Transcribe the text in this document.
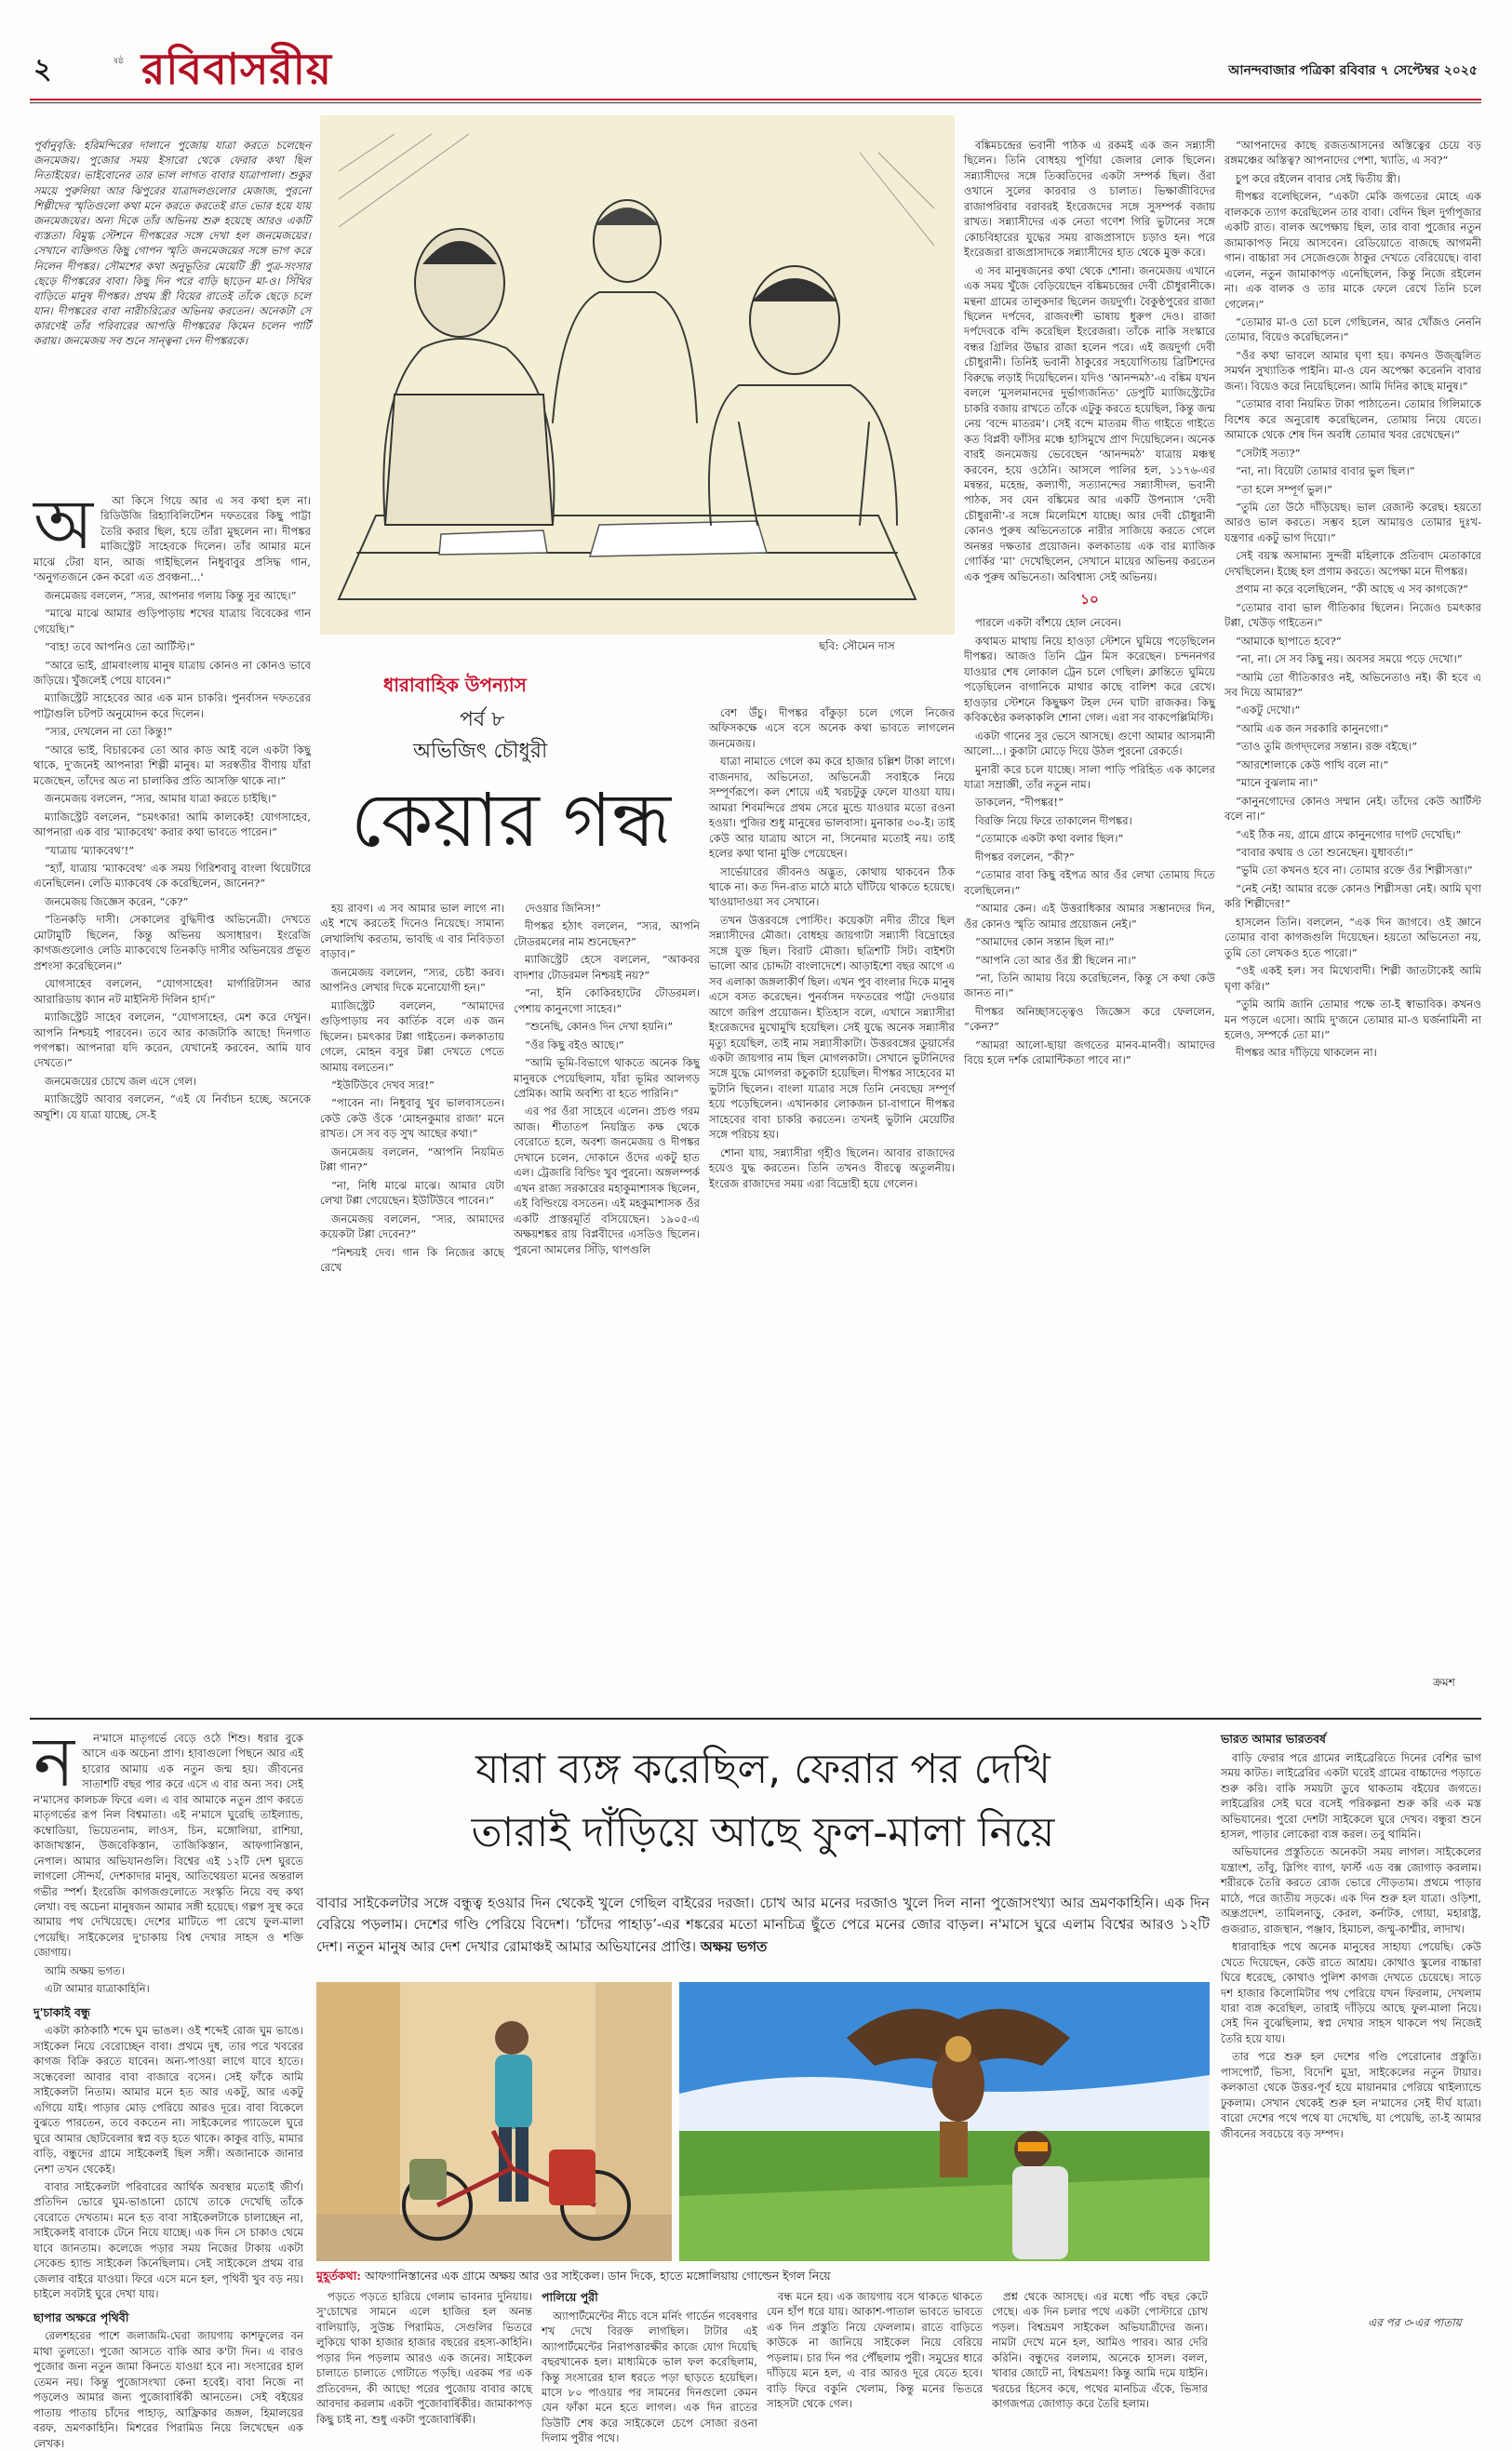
২	ষষ্ঠ রবিবাসরীয়	আনন্দবাজার পত্রিকা রবিবার ৭ সেপ্টেম্বর ২০২৫
পূর্বানুবৃত্তি: হরিমন্দিরের দালানে পুজোয় যাত্রা করতে চলেছেন জনমেজয়। পুজোর সময় ইসারো থেকে ফেরার কথা ছিল নিতাইয়ের। ভাইবোনের তার ভাল লাগত বাবার যাত্রাপালা। শুকুর সময়ে পুরুলিয়া আর ঝিপুরের যাত্রাদলগুলোর মেজাজ, পুরনো শিল্পীদের স্মৃতিগুলো কথা মনে করতে করতেই রাত ভোর হয়ে যায় জনমেজয়ের। অন্য দিকে তাঁর অভিনয় শুরু হয়েছে আরও একটি ব্যস্ততা। বিমুগ্ধ স্টেশনে দীপঙ্করের সঙ্গে দেখা হল জনমেজয়ের। সেখানে ব্যক্তিগত কিছু গোপন স্মৃতি জনমেজয়ের সঙ্গে ভাগ করে নিলেন দীপঙ্কর। সৌমশের কথা অনুভূতির মেয়েটি স্ত্রী পুত্র-সংসার ছেড়ে দীপঙ্করের বাবা। কিছু দিন পরে বাড়ি ছাড়েন মা-ও। সিঁথির বাড়িতে মানুষ দীপঙ্কর। প্রথম স্ত্রী বিয়ের রাতেই তাঁকে ছেড়ে চলে যান। দীপঙ্করের বাবা নারীচরিত্রের অভিনয় করতেন। অনেকটা সে কারণেই তাঁর পরিবারের আপত্তি দীপঙ্করের কিমেন চলেন পার্টি করায়। জনমেজয় সব শুনে সান্ত্বনা দেন দীপঙ্করকে।
অ	আ কিসে গিয়ে আর এ সব কথা হল না। রিডিউজি রিহ্যাবিলিটেশন দফতরের কিছু পাট্টা তৈরি করার ছিল, হয়ে তাঁরা মুছলেন না। দীপঙ্কর মাজিস্ট্রেট সাহেবকে দিলেন। তাঁর আমার মনে মাঝে টেরা যান, আজ গাইছিলেন নিধুবাবুর প্রসিদ্ধ গান, 'অনুগতজনে কেন করো এত প্রবঞ্চনা...'

জনমেজয় বললেন, “স্যর, আপনার গলায় কিন্তু সুর আছে।”

“মাঝে মাঝে আমার গুড়িপাড়ায় শখের যাত্রায় বিবেকের গান গেয়েছি।”

“বাহ! তবে আপনিও তো আর্টিস্ট।”

“আরে ভাই, গ্রামবাংলায় মানুষ যাত্রায় কোনও না কোনও ভাবে জড়িয়ে। খুঁজলেই পেয়ে যাবেন।”

ম্যাজিস্ট্রেট সাহেবের আর এক মান চাকরি। পুনর্বাসন দফতরের পাট্টাগুলি চটপট অনুমোদন করে দিলেন।

“স্যর, দেখলেন না তো কিন্তু!”

“আরে ভাই, বিচারকের তো আর কাড আই বলে একটা কিছু থাকে, দু'জনেই আপনারা শিল্পী মানুষ। মা সরস্বতীর বীণায় যাঁরা মজেছেন, তাঁদের অত না চালাকির প্রতি আসক্তি থাকে না।”

জনমেজয় বললেন, “স্যর, আমার যাত্রা করতে চাইছি।”

ম্যাজিস্ট্রেট বললেন, “চমৎকার! আমি কালকেই! যোগসাহেব, আপনারা এক বার ‘ম্যাকবেথ’ করার কথা ভাবতে পারেন।”

“যাত্রায় ‘ম্যাকবেথ’!”

“হ্যাঁ, যাত্রায় ‘ম্যাকবেথ’ এক সময় গিরিশবাবু বাংলা থিয়েটারে এনেছিলেন। লেডি ম্যাকবেথ কে করেছিলেন, জানেন?”

জনমেজয় জিজ্ঞেস করেন, “কে?”

“তিনকড়ি দাসী। সেকালের বুদ্ধিদীপ্ত অভিনেত্রী। দেখতে মোটামুটি ছিলেন, কিন্তু অভিনয় অসাধারণ। ইংরেজি কাগজগুলোও লেডি ম্যাকবেথে তিনকড়ি দাসীর অভিনয়ের প্রভূত প্রশংসা করেছিলেন।”

যোগসাহেব বললেন, “যোগসাহেব! মার্গারিটাসন আর আরারিডায় ক্যান নট মাইনিস্ট দিলিন হার্দ।”

ম্যাজিস্ট্রেট সাহেব বললেন, “যোগসাহেব, মেশ করে দেখুন। আপনি নিশ্চয়ই পারবেন। তবে আর কাজটাকি আছে! দিনগাত পগপঙ্কা। আপনারা যদি করেন, যেখানেই করবেন, আমি যাব দেখতে।”

জনমেজয়ের চোখে জল এসে গেল।

ম্যাজিস্ট্রেট আবার বললেন, “এই যে নির্বাচন হচ্ছে, অনেকে অখুশি। যে যাত্রা যাচ্ছে, সে-ই

ছবি: সৌমেন দাস
ধারাবাহিক উপন্যাস
পর্ব ৮
অভিজিৎ চৌধুরী
কেয়ার গন্ধ

হয় রাবণ। এ সব আমার ভাল লাগে না। এই শখে করতেই দিনেও নিয়েছে। সামান্য লেখালিখি করতাম, ভাবছি এ বার নিবিড়তা বাড়াব।”

জনমেজয় বললেন, “স্যর, চেষ্টা করব। আপনিও লেখার দিকে মনোযোগী হন।”

ম্যাজিস্ট্রেট বললেন, “আমাদের গুড়িপাড়ায় নব কার্তিক বলে এক জন ছিলেন। চমৎকার টপ্পা গাইতেন। কলকাতায় গেলে, মোহন বসুর টপ্পা দেখতে পেতে আমায় বলতেন।”

“ইউটিউবে দেখব স্যর!”

“পাবেন না। নিধুবাবু খুব ভালবাসতেন। কেউ কেউ ওঁকে ‘মোহনকুমার রাজা’ মনে রাখত। সে সব বড় সুখ আছের কথা।”

জনমেজয় বললেন, “আপনি নিয়মিত টপ্পা গান?”

“না, নিধি মাঝে মাঝে। আমার যেটা লেখা টপ্পা গেয়েছেন। ইউটিউবে পাবেন।”

জনমেজয় বললেন, “স্যর, আমাদের কয়েকটা টপ্পা দেবেন?”

“নিশ্চয়ই দেব। গান কি নিজের কাছে রেখে

দেওয়ার জিনিস!”

দীপঙ্কর হঠাৎ বললেন, “স্যর, আপনি টোডরমলের নাম শুনেছেন?”

ম্যাজিস্ট্রেট হেসে বললেন, “আকবর বাদশার টোডরমল নিশ্চয়ই নয়?”

“না, ইনি কোকিরহাটের টোডরমল। পেশায় কানুনগো সাহেব।”

“শুনেছি, কোনও দিন দেখা হয়নি।”

“ওঁর কিছু বইও আছে।”

“আমি ভূমি-বিভাগে থাকতে অনেক কিছু মানুষকে পেয়েছিলাম, যাঁরা ভূমির আলগড় প্রেমিক। আমি অবশ্যি বা হতে পারিনি।”

এর পর ওঁরা সাহেবে এলেন। প্রচণ্ড গরম আজ। শীতাতপ নিয়ন্ত্রিত কক্ষ থেকে বেরোতে হলে, অবশ্য জনমেজয় ও দীপঙ্কর দেখানে চলেন, দোকানে ওঁদের একটু হাত এল। ট্রেজারি বিল্ডিং খুব পুরনো। অঙ্গলম্পর্ক এখন রাজ্য সরকারের মহাকুমাশাসক ছিলেন, এই বিল্ডিংয়ে বসতেন। এই মহকুমাশাসক ওঁর একটি প্রাস্তরমূর্তি বসিয়েছেন। ১৯০৫-এ অক্ষয়শঙ্কর রায় বিপ্লবীদের এসডিও ছিলেন। পুরনো আমলের সিঁড়ি, থাপগুলি

বেশ উঁচু। দীপঙ্কর বাঁকুড়া চলে গেলে নিজের অফিসকক্ষে এসে বসে অনেক কথা ভাবতে লাগলেন জনমেজয়।

যাত্রা নামাতে গেলে কম করে হাজার চল্লিশ টাকা লাগে। বাজনদার, অভিনেতা, অভিনেত্রী সবাইকে নিয়ে সম্পূর্ণরূপে। কল শোয়ে এই খরচটুকু ফেলে যাওয়া যায়। আমরা শিবমন্দিরে প্রথম সেরে মুন্ডে যাওয়ার মতো রওনা হওয়া। পুজির শুধু মানুষের ভালবাসা। মুনাকার ৩০-ই। তাই কেউ আর যাত্রায় আসে না, সিনেমার মতোই নয়। তাই হলের কথা থানা মুক্তি পেয়েছেন।

সার্ভেয়ারের জীবনও অদ্ভুত, কোথায় থাকবেন ঠিক থাকে না। কত দিন-রাত মাঠে মাঠে ঘাঁটিয়ে থাকতে হয়েছে। খাওয়াদাওয়া সব সেখানে।

তখন উত্তরবঙ্গে পোস্টিং। কয়েকটা নদীর তীরে ছিল সন্ন্যাসীদের মৌজা। বোধহয় জায়গাটা সন্ন্যাসী বিদ্রোহের সঙ্গে যুক্ত ছিল। বিরাট মৌজা। ছত্রিশটি সিট। বাইশটা ভালো আর চোদ্দটা বাংলাদেশে। আড়াইশো বছর আগে এ সব এলাকা জঙ্গলাকীর্ণ ছিল। এখন পুব বাংলার দিকে মানুষ এসে বসত করেছেন। পুনর্বাসন দফতরের পাট্টা দেওয়ার আগে জরিপ প্রয়োজন। ইতিহাস বলে, এখানে সন্ন্যাসীরা ইংরেজদের মুখোমুখি হয়েছিল। সেই যুদ্ধে অনেক সন্ন্যাসীর মৃত্যু হয়েছিল, তাই নাম সন্ন্যাসীকাটা। উত্তরবঙ্গের ডুয়ার্সের একটা জায়গার নাম ছিল মোগলকাটা। সেখানে ভুটানিদের সঙ্গে যুদ্ধে মোগলরা কচুকাটা হয়েছিল। দীপঙ্কর সাহেবের মা ভুটানি ছিলেন। বাংলা যাত্রার সঙ্গে তিনি নেবছেয় সম্পূর্ণ হয়ে পড়েছিলেন। এখানকার লোকজন চা-বাগানে দীপঙ্কর সাহেবের বাবা চাকরি করতেন। তখনই ভুটানি মেয়েটির সঙ্গে পরিচয় হয়।

শোনা যায়, সন্ন্যাসীরা গৃহীও ছিলেন। আবার রাজাদের হয়েও যুদ্ধ করতেন। তিনি তখনও বীরত্বে অতুলনীয়। ইংরেজ রাজাদের সময় এরা বিদ্রোহী হয়ে গেলেন।

বঙ্কিমচন্দ্রের ভবানী পাঠক এ রকমই এক জন সন্ন্যাসী ছিলেন। তিনি বোধহয় পূর্ণিয়া জেলার লোক ছিলেন। সন্ন্যাসীদের সঙ্গে তিব্বতিদের একটা সম্পর্ক ছিল। ওঁরা ওখানে সুলের কারবার ও চালাত। ভিক্ষাজীবিদের রাজাপরিবার বরাবরই ইংরেজদের সঙ্গে সুসম্পর্ক বজায় রাখত। সন্ন্যাসীদের এক নেতা গণেশ গিরি ভুটানের সঙ্গে কোচবিহারের যুদ্ধের সময় রাজপ্রাসাদে চড়াও হন। পরে ইংরেজরা রাজপ্রাসাদকে সন্ন্যাসীদের হাত থেকে মুক্ত করে।

এ সব মানুষজনের কথা থেকে শোনা। জনমেজয় এখানে এক সময় খুঁজে বেড়িয়েছেন বঙ্কিমচন্দ্রের দেবী চৌধুরানীকে। মন্থনা গ্রামের তালুকদার ছিলেন জয়দুর্গা। বৈকুণ্ঠপুরের রাজা ছিলেন দর্পদেব, রাজবংশী ভাষায় ধুরুপ দেও। রাজা দর্পদেবকে বন্দি করেছিল ইংরেজরা। তাঁকে নাকি সংস্কারে বন্ধর গ্রিলির উদ্ধার রাজা হলেন পরে। এই জয়দুর্গা দেবী চৌধুরানী। তিনিই ভবানী ঠাকুরের সহযোগিতায় ব্রিটিশদের বিরুদ্ধে লড়াই দিয়েছিলেন। যদিও ‘আনন্দমঠ’-এ বঙ্কিম যখন বললে ‘মুসলমানদের দুর্ভাগ্যজনিত’ ডেপুটি ম্যাজিস্ট্রেটের চাকরি বজায় রাখতে তাঁকে এটুকু করতে হয়েছিল, কিন্তু জন্ম নেয় ‘বন্দে মাতরম’। সেই বন্দে মাতরম গীত গাইতে গাইতে কত বিপ্লবী ফাঁসির মঞ্চে হাসিমুখে প্রাণ দিয়েছিলেন। অনেক বারই জনমেজয় ভেবেছেন ‘আনন্দমঠ’ যাত্রায় মঞ্চস্থ করবেন, হয়ে ওঠেনি। আসলে পালির হল, ১১৭৬-এর মন্বন্তর, মহেন্দ্র, কল্যাণী, সত্যানন্দের সন্ন্যাসীদল, ভবানী পাঠক, সব যেন বঙ্কিমের আর একটি উপন্যাস ‘দেবী চৌধুরানী’-র সঙ্গে মিলেমিশে যাচ্ছে। আর দেবী চৌধুরানী কোনও পুরুষ অভিনেতাকে নারীর সাজিয়ে করতে গেলে অনন্তর দক্ষতার প্রয়োজন। কলকাতায় এক বার ম্যাজিক গোর্কির ‘মা’ দেখেছিলেন, সেখানে মায়ের অভিনয় করতেন এক পুরুষ অভিনেতা। অবিশ্বাস্য সেই অভিনয়।

১০

পারলে একটা বাঁশয়ে হোল নেবেন।

কথামত মাথায় নিয়ে হাওড়া স্টেশনে ঘুমিয়ে পড়েছিলেন দীপঙ্কর। আজও তিনি ট্রেন মিস করেছেন। চন্দননগর যাওয়ার শেষ লোকাল ট্রেন চলে গেছিল। ক্লান্তিতে ঘুমিয়ে পড়েছিলেন বাগানিকে মাথার কাছে বালিশ করে রেখে। হাওড়ার স্টেশনে কিছুক্ষণ টহল দেন ঘাটা রাজকর। কিছু কবিকণ্ঠের কলকাকলি শোনা গেল। এরা সব বাকপেল্লিমিস্টি।

একটা গানের সুর ভেসে আসছে। গুণো আমার আসমানী আলো...। কুকাটা মোড়ে দিয়ে উঠল পুরনো রেকর্ডে।

মুনারী করে চলে যাচ্ছে। সালা পাড়ি পরিহিত এক কালের যাত্রা সম্রাজ্ঞী, তাঁর নতুন নাম।

ডাকলেন, “দীপঙ্কর!”

বিরক্তি নিয়ে ফিরে তাকালেন দীপঙ্কর।

“তোমাকে একটা কথা বলার ছিল।”

দীপঙ্কর বললেন, “কী?”

“তোমার বাবা কিছু বইপত্র আর ওঁর লেখা তোমায় দিতে বলেছিলেন।”

“আমার কেন। এই উত্তরাধিকার আমার সম্ভানদের দিন, ওঁর কোনও স্মৃতি আমার প্রয়োজন নেই।”

“আমাদের কোন সন্তান ছিল না।”

“আপনি তো আর ওঁর স্ত্রী ছিলেন না।”

“না, তিনি আমায় বিয়ে করেছিলেন, কিন্তু সে কথা কেউ জানত না।”

দীপঙ্কর অনিচ্ছাসত্ত্বেও জিজ্ঞেস করে ফেললেন, “কেন?”

“আমরা আলো-ছায়া জগতের মানব-মানবী। আমাদের বিয়ে হলে দর্শক রোমান্টিকতা পাবে না।”

“আপনাদের কাছে রজতআসনের অস্তিত্বের চেয়ে বড় রঙ্গমঞ্চের অস্তিত্ব? আপনাদের পেশা, খ্যাতি, এ সব?”

চুপ করে রইলেন বাবার সেই দ্বিতীয় স্ত্রী।

দীপঙ্কর বলেছিলেন, “একটা মেকি জগতের মোহে এক বালককে ত্যাগ করেছিলেন তার বাবা। বেদিন ছিল দুর্গাপূজার একটি রাত। বালক অপেক্ষায় ছিল, তার বাবা পুজোর নতুন জামাকাপড় নিয়ে আসবেন। রেডিয়োতে বাজছে আগমনী গান। বাচ্চারা সব সেজেগুজে ঠাকুর দেখতে বেরিয়েছে। বাবা এলেন, নতুন জামাকাপড় এনেছিলেন, কিন্তু নিজে রইলেন না। এক বালক ও তার মাকে ফেলে রেখে তিনি চলে গেলেন।”

“তোমার মা-ও তো চলে গেছিলেন, আর খোঁজও নেননি তোমার, বিয়েও করেছিলেন।”

“ওঁর কথা ভাবলে আমার ঘৃণা হয়। কখনও উজ্জ্বলিত সমর্থন সুখ্যাতিক পাইনি। মা-ও যেন অপেক্ষা করেননি বাবার জন্য। বিয়েও করে নিয়েছিলেন। আমি দিনির কাছে মানুষ।”

“তোমার বাবা নিয়মিত টাকা পাঠাতেন। তোমার গিলিমাকে বিশেষ করে অনুরোধ করেছিলেন, তোমায় নিয়ে যেতে। আমাকে থেকে শেষ দিন অবধি তোমার খবর রেখেছেন।”

“সেটাই সত্য?”

“না, না। বিয়েটা তোমার বাবার ভুল ছিল।”

“তা হলে সম্পূর্ণ ভুল।”

“তুমি তো উঠে দাঁড়িয়েছ। ভাল রেজাল্ট করেছ। হয়তো আরও ভাল করতে। সম্ভব হলে আমায়ও তোমার দুঃখ-যন্ত্রণার একটু ভাগ দিয়ো।”

সেই বয়স্ক অসামান্য সুন্দরী মহিলাকে প্রতিবাদ মেতাকারে দেখছিলেন। ইচ্ছে হল প্রণাম করতে। অপেক্ষা মনে দীপঙ্কর।

প্রণাম না করে বলেছিলেন, “কী আছে এ সব কাগজে?”

“তোমার বাবা ভাল গীতিকার ছিলেন। নিজেও চমৎকার টপ্পা, খেউড় গাইতেন।”

“আমাকে ছাপাতে হবে?”

“না, না। সে সব কিছু নয়। অবসর সময়ে পড়ে দেখো।”

“আমি তো গীতিকারও নই, অভিনেতাও নই। কী হবে এ সব দিয়ে আমার?”

“একটু দেখো।”

“আমি এক জন সরকারি কানুনগো।”

“তাও তুমি জগদ্‌দলের সন্তান। রক্ত বইছে।”

“আরশোলাকে কেউ পাখি বলে না।”

“মানে বুঝলাম না।”

“কানুনগোদের কোনও সম্মান নেই। তাঁদের কেউ আর্টিস্ট বলে না।”

“এই ঠিক নয়, গ্রামে গ্রামে কানুনগোর দাপট দেখেছি।”

“বাবার কথায় ও তো শুনেছেন। যুধাবর্তা।”

“ভুমি তো কখনও হবে না। তোমার রক্তে ওঁর শিল্পীসত্তা।”

“নেই নেই! আমার রক্তে কোনও শিল্পীসত্তা নেই। আমি ঘৃণা করি শিল্পীদের!”

হাসলেন তিনি। বললেন, “এক দিন জাগবে। ওই জ্ঞানে তোমার বাবা কাগজগুলি দিয়েছেন। হয়তো অভিনেতা নয়, তুমি তো লেখকও হতে পারো।”

“ওই একই হল। সব মিথ্যেবাদী। শিল্পী জাতটাকেই আমি ঘৃণা করি।”

“তুমি আমি জানি তোমার পক্ষে তা-ই স্বাভাবিক। কখনও মন পড়লে এসো। আমি দু'জনে তোমার মা-ও ঘর্জনামিনী না হলেও, সম্পর্কে তো মা।”

দীপঙ্কর আর দাঁড়িয়ে থাকলেন না।

ক্রমশ
ন	ন'মাসে মাতৃগর্ভে বেড়ে ওঠে শিশু। ধরার বুকে আসে এক অচেনা প্রাণ। হাবাগুলো পিছনে আর এই হারোর আমায় এক নতুন জন্ম হয়। জীবনের সাতাশটি বছর পার করে এসে এ বার অন্য সব। সেই ন'মাসের কালচক্র ফিরে এল। এ বার আমাকে নতুন প্রাণ করতে মাতৃগর্ভের রূপ নিল বিশ্বমাতা। এই ন'মাসে ঘুরেছি তাইল্যান্ড, কম্বোডিয়া, ভিয়েতনাম, লাওস, চিন, মঙ্গোলিয়া, রাশিয়া, কাজাখস্তান, উজবেকিস্তান, তাজিকিস্তান, আফগানিস্তান, নেপাল। আমার অভিযানগুলি। বিশ্বের এই ১২টি দেশ ঘুরতে লাগলো সৌন্দর্য, দেশকাদার মানুষ, আতিথেয়তা মনের অন্তরাল গভীর স্পর্শ। ইংরেজি কাগজগুলোতে সংস্কৃতি নিয়ে বহু কথা লেখা। বহু অচেনা মানুষজন আমার সঙ্গী হয়েছে। গল্পপ সুস্থ করে আমায় পথ দেখিয়েছে। দেশের মাটিতে পা রেখে ফুল-মালা পেয়েছি। সাইকেলের দু'চাকায় বিশ্ব দেখার সাহস ও শক্তি জোগায়।

আমি অক্ষয় ভগত।

এটা আমার যাত্রাকাহিনি।

দু'চাকাই বন্ধু

একটা কাঠকাঠি শব্দে ঘুম ভাঙল। ওই শব্দেই রোজ ঘুম ভাঙে। সাইকেল নিয়ে বেরোচ্ছেন বাবা। প্রথমে দুধ, তার পরে খবরের কাগজ বিক্রি করতে যাবেন। অন্য-পাওয়া লাগে যাবে হাতে। সন্ধেবেলা আবার বাবা বাজারে বসেন। সেই ফাঁকে আমি সাইকেলটা নিতাম। আমার মনে হত আর একটু, আর একটু এগিয়ে যাই। পাড়ার মোড় পেরিয়ে আরও দূরে। বাবা বিকেলে বুঝতে পারতেন, তবে বকতেন না। সাইকেলের প্যাডেলে ঘুরে ঘুরে আমার ছোটবেলার স্বপ্ন বড় হতে থাকে। কাকুর বাড়ি, মামার বাড়ি, বন্ধুদের গ্রামে সাইকেলই ছিল সঙ্গী। অজানাকে জানার নেশা তখন থেকেই।

বাবার সাইকেলটা পরিবারের আর্থিক অবস্থার মতোই জীর্ণ। প্রতিদিন ভোরে ঘুম-ভাঙানো চোখে তাকে দেখেছি তাঁকে বেরোতে দেখতাম। মনে হত বাবা সাইকেলটাকে চালাচ্ছেন না, সাইকেলই বাবাকে টেনে নিয়ে যাচ্ছে। এক দিন সে চাকাও থেমে যাবে জানতাম। কলেজে পড়ার সময় নিজের টাকায় একটা সেকেন্ড হ্যান্ড সাইকেল কিনেছিলাম। সেই সাইকেলে প্রথম বার জেলার বাইরে যাওয়া। ফিরে এসে মনে হল, পৃথিবী খুব বড় নয়। চাইলে সবটাই ঘুরে দেখা যায়।

ছাপার অক্ষরে পৃথিবী

রেলশহরের পাশে জলাজমি-ঘেরা জায়গায় কাশফুলের বন মাথা তুলতো। পুজো আসতে বাকি আর ক'টা দিন। এ বারও পুজোর জন্য নতুন জামা কিনতে যাওয়া হবে না। সংসারের হাল তেমন নয়। কিন্তু পুজোসংখ্যা কেনা হবেই। বাবা নিজে না পড়লেও আমার জন্য পুজোবার্ষিকী আনতেন। সেই বইয়ের পাতায় পাতায় চাঁদের পাহাড়, আফ্রিকার জঙ্গল, হিমালয়ের বরফ, ভ্রমণকাহিনি। মিশরের পিরামিড নিয়ে লিখেছেন এক লেখক।

যারা ব্যঙ্গ করেছিল, ফেরার পর দেখি
তারাই দাঁড়িয়ে আছে ফুল-মালা নিয়ে
বাবার সাইকেলটার সঙ্গে বন্ধুত্ব হওয়ার দিন থেকেই খুলে গেছিল বাইরের দরজা। চোখ আর মনের দরজাও খুলে দিল নানা পুজোসংখ্যা আর ভ্রমণকাহিনি। এক দিন বেরিয়ে পড়লাম। দেশের গণ্ডি পেরিয়ে বিদেশ। ‘চাঁদের পাহাড়’-এর শঙ্করের মতো মানচিত্র ছুঁতে পেরে মনের জোর বাড়ল। ন'মাসে ঘুরে এলাম বিশ্বের আরও ১২টি দেশ। নতুন মানুষ আর দেশ দেখার রোমাঞ্চই আমার অভিযানের প্রাপ্তি। অক্ষয় ভগত
মুহূর্তকথা: আফগানিস্তানের এক গ্রামে অক্ষয় আর ওর সাইকেল। ডান দিকে, হাতে মঙ্গোলিয়ায় গোল্ডেন ইগল নিয়ে

পড়তে পড়তে হারিয়ে গেলাম ভাবনার দুনিয়ায়। সু'চোখের সামনে এলে হাজির হল অনন্ত বালিয়াড়ি, সুউচ্চ পিরামিড, সেগুলির ভিতরে লুকিয়ে থাকা হাজার হাজার বছরের রহস্য-কাহিনি। পড়ার দিন পড়লাম আরও এক জনের। সাইকেল চালাতে চালাতে গোটাতে পড়ছি। এরকম পর এক প্রতিবেদন, কী আছে! পরের পুজোয় বাবার কাছে আবদার করলাম একটা পুজোবার্ষিকীর। জামাকাপড় কিছু চাই না, শুধু একটা পুজোবার্ষিকী।

পালিয়ে পুরী

অ্যাপার্টমেন্টের নীচে বসে মর্নিং গার্ডেন গবেষণার শখ দেখে বিরক্ত লাগছিল। টাটার এই অ্যাপার্টমেন্টের নিরাপত্তারক্ষীর কাজে যোগ দিয়েছি বছরখানেক হল। মাধ্যমিকে ভাল ফল করেছিলাম, কিন্তু সংসারের হাল ধরতে পড়া ছাড়তে হয়েছিল। মাসে ৮০ পাওয়ার পর সামনের দিনগুলো কেমন যেন ফাঁকা মনে হতে লাগল। এক দিন রাতের ডিউটি শেষ করে সাইকেলে চেপে সোজা রওনা দিলাম পুরীর পথে।

বন্ধ মনে হয়। এক জায়গায় বসে থাকতে থাকতে যেন হাঁপ ধরে যায়। আকাশ-পাতাল ভাবতে ভাবতে এক দিন প্রস্তুতি নিয়ে ফেললাম। রাতে বাড়িতে কাউকে না জানিয়ে সাইকেল নিয়ে বেরিয়ে পড়লাম। চার দিন পর পৌঁছলাম পুরী। সমুদ্রের ধারে দাঁড়িয়ে মনে হল, এ বার আরও দূরে যেতে হবে। বাড়ি ফিরে বকুনি খেলাম, কিন্তু মনের ভিতরে সাহসটা থেকে গেল।

প্রশ্ন থেকে আসছে। এর মধ্যে পাঁচ বছর কেটে গেছে। এক দিন চলার পথে একটা পোস্টারে চোখ পড়ল। বিশ্বভ্রমণ সাইকেল অভিযাত্রীদের জন্য। নামটা দেখে মনে হল, আমিও পারব। আর দেরি করিনি। বন্ধুদের বললাম, অনেকে হাসল। বলল, খাবার জোটে না, বিশ্বভ্রমণ! কিন্তু আমি দমে যাইনি। খরচের হিসেব কষে, পথের মানচিত্র এঁকে, ভিসার কাগজপত্র জোগাড় করে তৈরি হলাম।

ভারত আমার ভারতবর্ষ

বাড়ি ফেরার পরে গ্রামের লাইব্রেরিতে দিনের বেশির ভাগ সময় কাটত। লাইব্রেরির একটা ঘরেই গ্রামের বাচ্চাদের পড়াতে শুরু করি। বাকি সময়টা ডুবে থাকতাম বইয়ের জগতে। লাইব্রেরির সেই ঘরে বসেই পরিকল্পনা শুরু করি এক মস্ত অভিযানের। পুরো দেশটা সাইকেলে ঘুরে দেখব। বন্ধুরা শুনে হাসল, পাড়ার লোকেরা ব্যঙ্গ করল। তবু থামিনি।

অভিযানের প্রস্তুতিতে অনেকটা সময় লাগল। সাইকেলের যন্ত্রাংশ, তাঁবু, স্লিপিং ব্যাগ, ফার্স্ট এড বক্স জোগাড় করলাম। শরীরকে তৈরি করতে রোজ ভোরে দৌড়তাম। প্রথমে পাড়ার মাঠে, পরে জাতীয় সড়কে। এক দিন শুরু হল যাত্রা। ওড়িশা, অন্ধ্রপ্রদেশ, তামিলনাড়ু, কেরল, কর্নাটক, গোয়া, মহারাষ্ট্র, গুজরাত, রাজস্থান, পঞ্জাব, হিমাচল, জম্মু-কাশ্মীর, লাদাখ।

ধারাবাহিক পথে অনেক মানুষের সাহায্য পেয়েছি। কেউ খেতে দিয়েছেন, কেউ রাতে আশ্রয়। কোথাও স্কুলের বাচ্চারা ঘিরে ধরেছে, কোথাও পুলিশ কাগজ দেখতে চেয়েছে। সাড়ে দশ হাজার কিলোমিটার পথ পেরিয়ে যখন ফিরলাম, দেখলাম যারা ব্যঙ্গ করেছিল, তারাই দাঁড়িয়ে আছে ফুল-মালা নিয়ে। সেই দিন বুঝেছিলাম, স্বপ্ন দেখার সাহস থাকলে পথ নিজেই তৈরি হয়ে যায়।

তার পরে শুরু হল দেশের গণ্ডি পেরোনোর প্রস্তুতি। পাসপোর্ট, ভিসা, বিদেশি মুদ্রা, সাইকেলের নতুন টায়ার। কলকাতা থেকে উত্তর-পূর্ব হয়ে মায়ানমার পেরিয়ে থাইল্যান্ডে ঢুকলাম। সেখান থেকেই শুরু হল ন'মাসের সেই দীর্ঘ যাত্রা। বারো দেশের পথে পথে যা দেখেছি, যা পেয়েছি, তা-ই আমার জীবনের সবচেয়ে বড় সম্পদ।

এর পর ৩-এর পাতায়
